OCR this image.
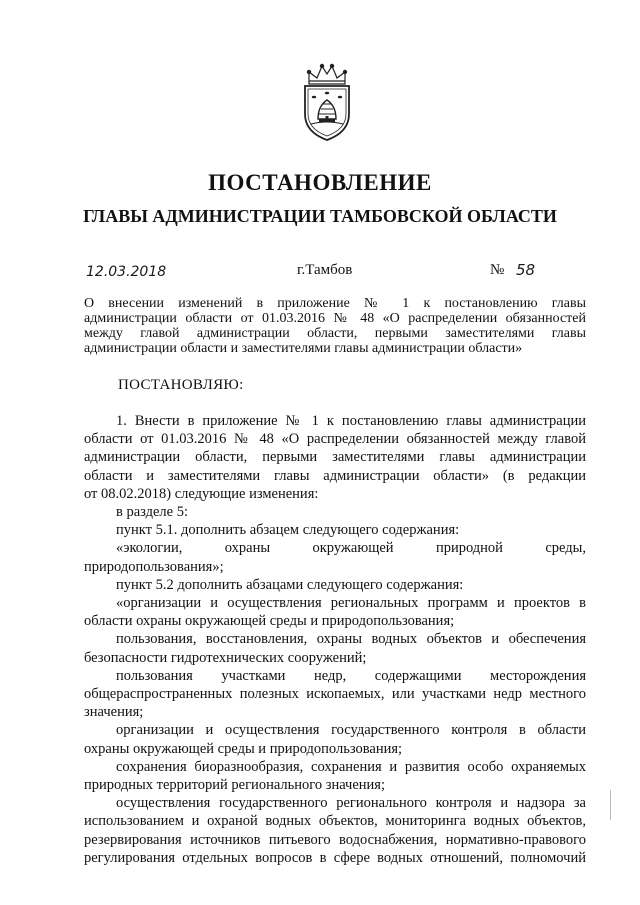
ПОСТАНОВЛЕНИЕ
ГЛАВЫ АДМИНИСТРАЦИИ ТАМБОВСКОЙ ОБЛАСТИ
12.03.2018	г.Тамбов	№ 58
О внесении изменений в приложение № 1 к постановлению главы
администрации области от 01.03.2016 № 48 «О распределении обязанностей
между главой администрации области, первыми заместителями главы
администрации области и заместителями главы администрации области»
ПОСТАНОВЛЯЮ:
1. Внести в приложение № 1 к постановлению главы администрации
области от 01.03.2016 № 48 «О распределении обязанностей между главой
администрации области, первыми заместителями главы администрации
области и заместителями главы администрации области» (в редакции
от 08.02.2018) следующие изменения:
в разделе 5:
пункт 5.1. дополнить абзацем следующего содержания:
«экологии, охраны окружающей природной среды,
природопользования»;
пункт 5.2 дополнить абзацами следующего содержания:
«организации и осуществления региональных программ и проектов в
области охраны окружающей среды и природопользования;
пользования, восстановления, охраны водных объектов и обеспечения
безопасности гидротехнических сооружений;
пользования участками недр, содержащими месторождения
общераспространенных полезных ископаемых, или участками недр местного
значения;
организации и осуществления государственного контроля в области
охраны окружающей среды и природопользования;
сохранения биоразнообразия, сохранения и развития особо охраняемых
природных территорий регионального значения;
осуществления государственного регионального контроля и надзора за
использованием и охраной водных объектов, мониторинга водных объектов,
резервирования источников питьевого водоснабжения, нормативно-правового
регулирования отдельных вопросов в сфере водных отношений, полномочий
